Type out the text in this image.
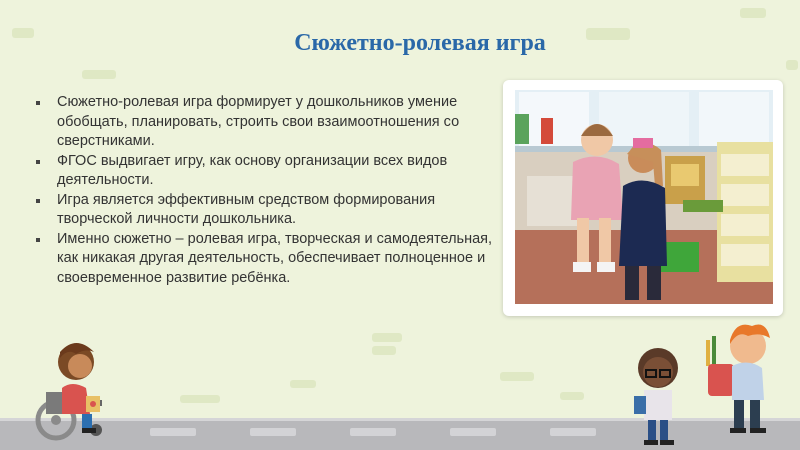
Сюжетно-ролевая игра
Сюжетно-ролевая игра формирует у дошкольников умение обобщать, планировать, строить свои взаимоотношения со сверстниками.
ФГОС выдвигает игру, как основу организации всех видов деятельности.
Игра является эффективным средством формирования творческой личности дошкольника.
Именно сюжетно – ролевая игра, творческая и самодеятельная, как никакая другая деятельность, обеспечивает полноценное и своевременное развитие ребёнка.
